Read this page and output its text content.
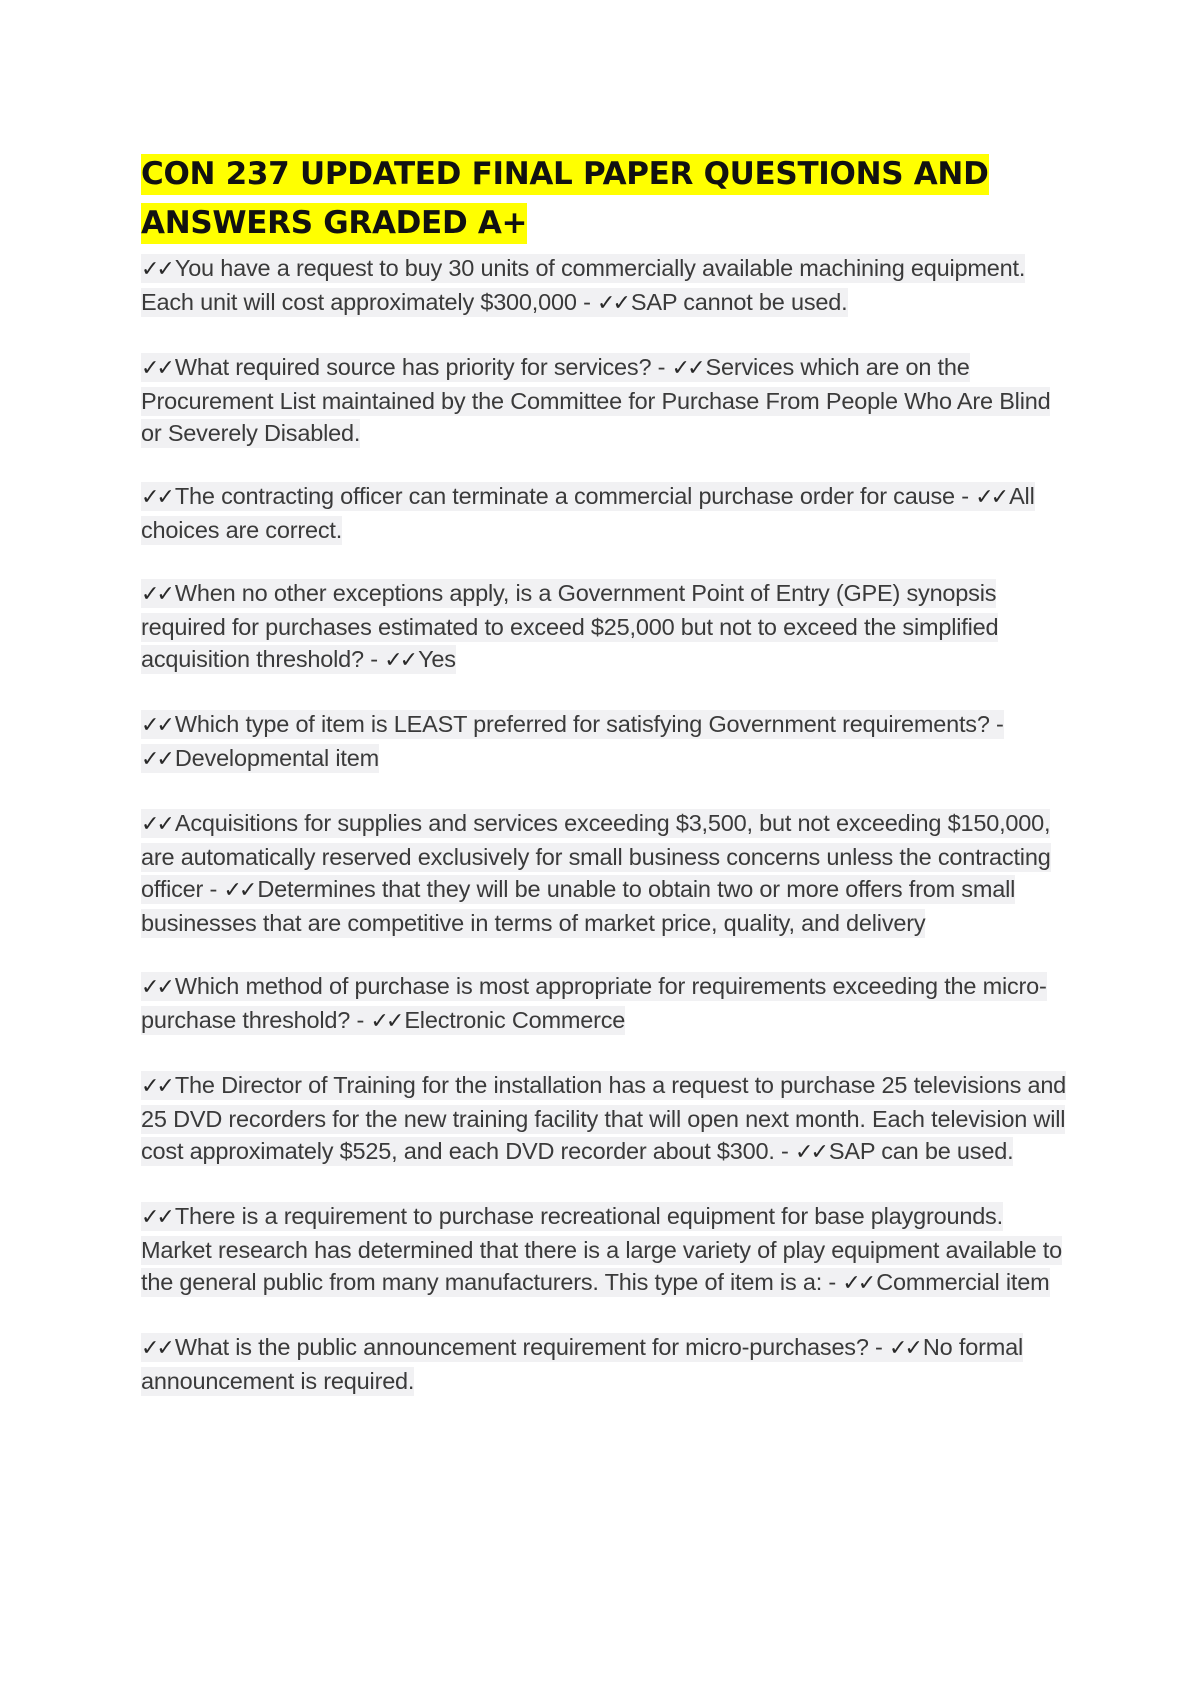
CON 237 UPDATED FINAL PAPER QUESTIONS AND ANSWERS GRADED A+
✓✓ You have a request to buy 30 units of commercially available machining equipment. Each unit will cost approximately $300,000 - ✓✓ SAP cannot be used.
✓✓ What required source has priority for services? - ✓✓ Services which are on the Procurement List maintained by the Committee for Purchase From People Who Are Blind or Severely Disabled.
✓✓ The contracting officer can terminate a commercial purchase order for cause - ✓✓ All choices are correct.
✓✓ When no other exceptions apply, is a Government Point of Entry (GPE) synopsis required for purchases estimated to exceed $25,000 but not to exceed the simplified acquisition threshold? - ✓✓ Yes
✓✓ Which type of item is LEAST preferred for satisfying Government requirements? - ✓✓ Developmental item
✓✓ Acquisitions for supplies and services exceeding $3,500, but not exceeding $150,000, are automatically reserved exclusively for small business concerns unless the contracting officer - ✓✓ Determines that they will be unable to obtain two or more offers from small businesses that are competitive in terms of market price, quality, and delivery
✓✓ Which method of purchase is most appropriate for requirements exceeding the micro-purchase threshold? - ✓✓ Electronic Commerce
✓✓ The Director of Training for the installation has a request to purchase 25 televisions and 25 DVD recorders for the new training facility that will open next month. Each television will cost approximately $525, and each DVD recorder about $300. - ✓✓ SAP can be used.
✓✓ There is a requirement to purchase recreational equipment for base playgrounds. Market research has determined that there is a large variety of play equipment available to the general public from many manufacturers. This type of item is a: - ✓✓ Commercial item
✓✓ What is the public announcement requirement for micro-purchases? - ✓✓ No formal announcement is required.
